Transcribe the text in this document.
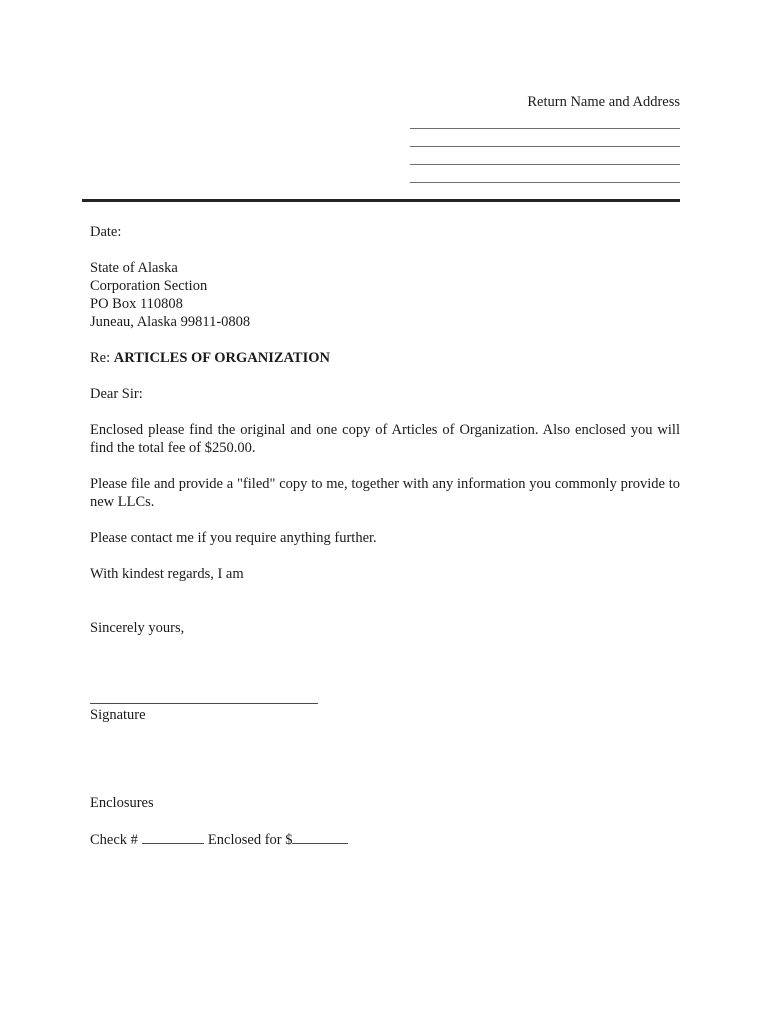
Return Name and Address

Date:

State of Alaska
Corporation Section
PO Box 110808
Juneau, Alaska 99811-0808

Re: ARTICLES OF ORGANIZATION

Dear Sir:

Enclosed please find the original and one copy of Articles of Organization. Also enclosed you will find the total fee of $250.00.

Please file and provide a "filed" copy to me, together with any information you commonly provide to new LLCs.

Please contact me if you require anything further.

With kindest regards, I am

Sincerely yours,

Signature
Enclosures
Check #	Enclosed for $
